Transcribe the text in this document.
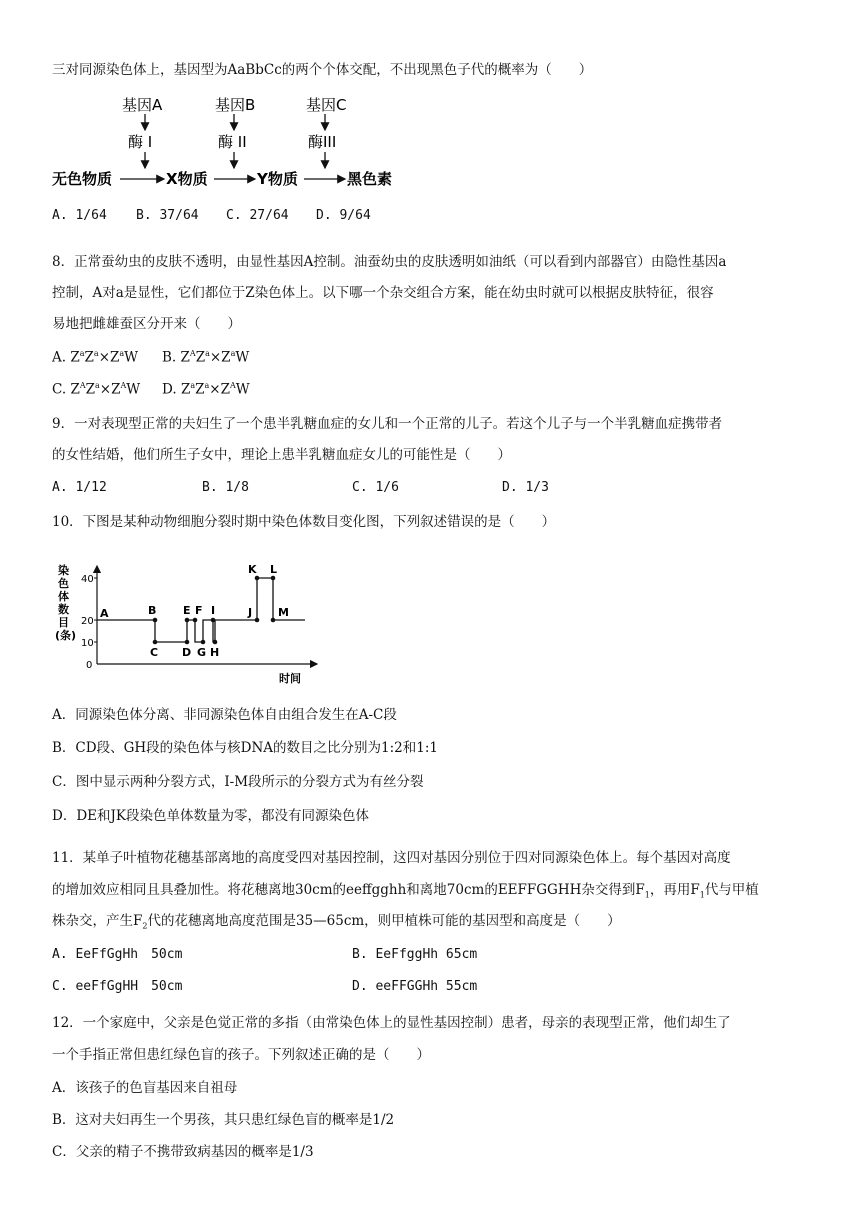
三对同源染色体上，基因型为AaBbCc的两个个体交配，不出现黑色子代的概率为（　　）
基因A	基因B	基因C
酶 I	酶 II	酶III
无色物质	X物质	Y物质	黑色素
A. 1/64 B. 37/64 C. 27/64 D. 9/64
8．正常蚕幼虫的皮肤不透明，由显性基因A控制。油蚕幼虫的皮肤透明如油纸（可以看到内部器官）由隐性基因a
控制，A对a是显性，它们都位于Z染色体上。以下哪一个杂交组合方案，能在幼虫时就可以根据皮肤特征，很容
易地把雌雄蚕区分开来（　　）
A. $Z^aZ^a\times Z^aW$ B. $Z^AZ^a\times Z^aW$
C. $Z^AZ^a\times Z^AW$ D. $Z^aZ^a\times Z^AW$
9．一对表现型正常的夫妇生了一个患半乳糖血症的女儿和一个正常的儿子。若这个儿子与一个半乳糖血症携带者
的女性结婚，他们所生子女中，理论上患半乳糖血症女儿的可能性是（　　）
A. 1/12	B. 1/8	C. 1/6	D. 1/3
10．下图是某种动物细胞分裂时期中染色体数目变化图，下列叙述错误的是（　　）
染色体数目(条)
40
20
10
0
A	B
C D
E F
G
I
H
J
K L
M
时间
A．同源染色体分离、非同源染色体自由组合发生在A-C段
B．CD段、GH段的染色体与核DNA的数目之比分别为1:2和1:1
C．图中显示两种分裂方式，I-M段所示的分裂方式为有丝分裂
D．DE和JK段染色单体数量为零，都没有同源染色体
11．某单子叶植物花穗基部离地的高度受四对基因控制，这四对基因分别位于四对同源染色体上。每个基因对高度
的增加效应相同且具叠加性。将花穗离地30cm的eeffgghh和离地70cm的EEFFGGHH杂交得到$F_1$，再用$F_1$代与甲植
株杂交，产生$F_2$代的花穗离地高度范围是35—65cm，则甲植株可能的基因型和高度是（　　）
A. EeFfGgHh　50cm	B. EeFfggHh 65cm
C. eeFfGgHH　50cm	D. eeFFGGHh 55cm
12．一个家庭中，父亲是色觉正常的多指（由常染色体上的显性基因控制）患者，母亲的表现型正常，他们却生了
一个手指正常但患红绿色盲的孩子。下列叙述正确的是（　　）
A．该孩子的色盲基因来自祖母
B．这对夫妇再生一个男孩，其只患红绿色盲的概率是1/2
C．父亲的精子不携带致病基因的概率是1/3
